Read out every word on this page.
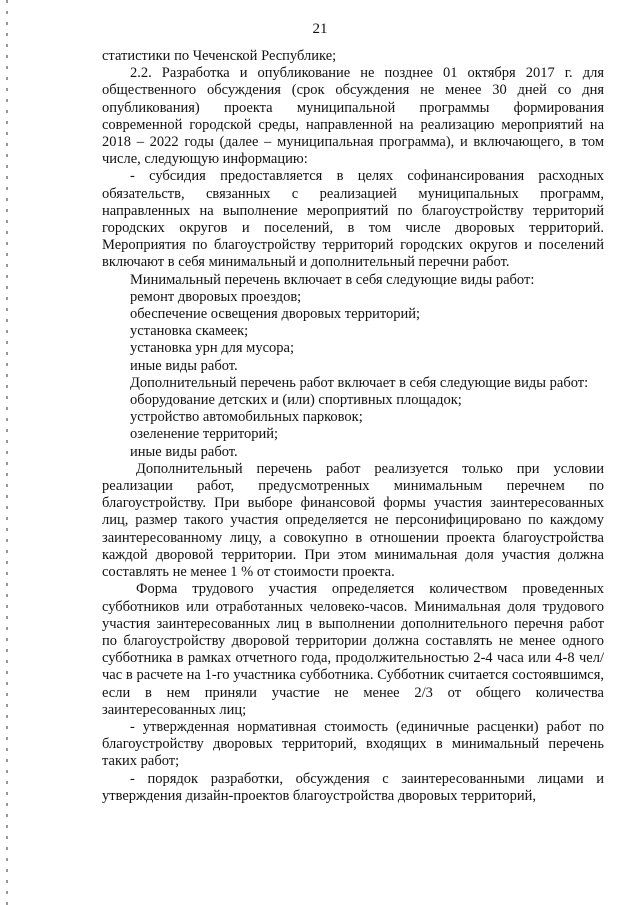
21

статистики по Чеченской Республике;

2.2. Разработка и опубликование не позднее 01 октября 2017 г. для общественного обсуждения (срок обсуждения не менее 30 дней со дня опубликования) проекта муниципальной программы формирования современной городской среды, направленной на реализацию мероприятий на 2018 – 2022 годы (далее – муниципальная программа), и включающего, в том числе, следующую информацию:

- субсидия предоставляется в целях софинансирования расходных обязательств, связанных с реализацией муниципальных программ, направленных на выполнение мероприятий по благоустройству территорий городских округов и поселений, в том числе дворовых территорий. Мероприятия по благоустройству территорий городских округов и поселений включают в себя минимальный и дополнительный перечни работ.

Минимальный перечень включает в себя следующие виды работ:

ремонт дворовых проездов;

обеспечение освещения дворовых территорий;

установка скамеек;

установка урн для мусора;

иные виды работ.

Дополнительный перечень работ включает в себя следующие виды работ:

оборудование детских и (или) спортивных площадок;

устройство автомобильных парковок;

озеленение территорий;

иные виды работ.

Дополнительный перечень работ реализуется только при условии реализации работ, предусмотренных минимальным перечнем по благоустройству. При выборе финансовой формы участия заинтересованных лиц, размер такого участия определяется не персонифицировано по каждому заинтересованному лицу, а совокупно в отношении проекта благоустройства каждой дворовой территории. При этом минимальная доля участия должна составлять не менее 1 % от стоимости проекта.

Форма трудового участия определяется количеством проведенных субботников или отработанных человеко-часов. Минимальная доля трудового участия заинтересованных лиц в выполнении дополнительного перечня работ по благоустройству дворовой территории должна составлять не менее одного субботника в рамках отчетного года, продолжительностью 2-4 часа или 4-8 чел/час в расчете на 1-го участника субботника. Субботник считается состоявшимся, если в нем приняли участие не менее 2/3 от общего количества заинтересованных лиц;

- утвержденная нормативная стоимость (единичные расценки) работ по благоустройству дворовых территорий, входящих в минимальный перечень таких работ;

- порядок разработки, обсуждения с заинтересованными лицами и утверждения дизайн-проектов благоустройства дворовых территорий,
